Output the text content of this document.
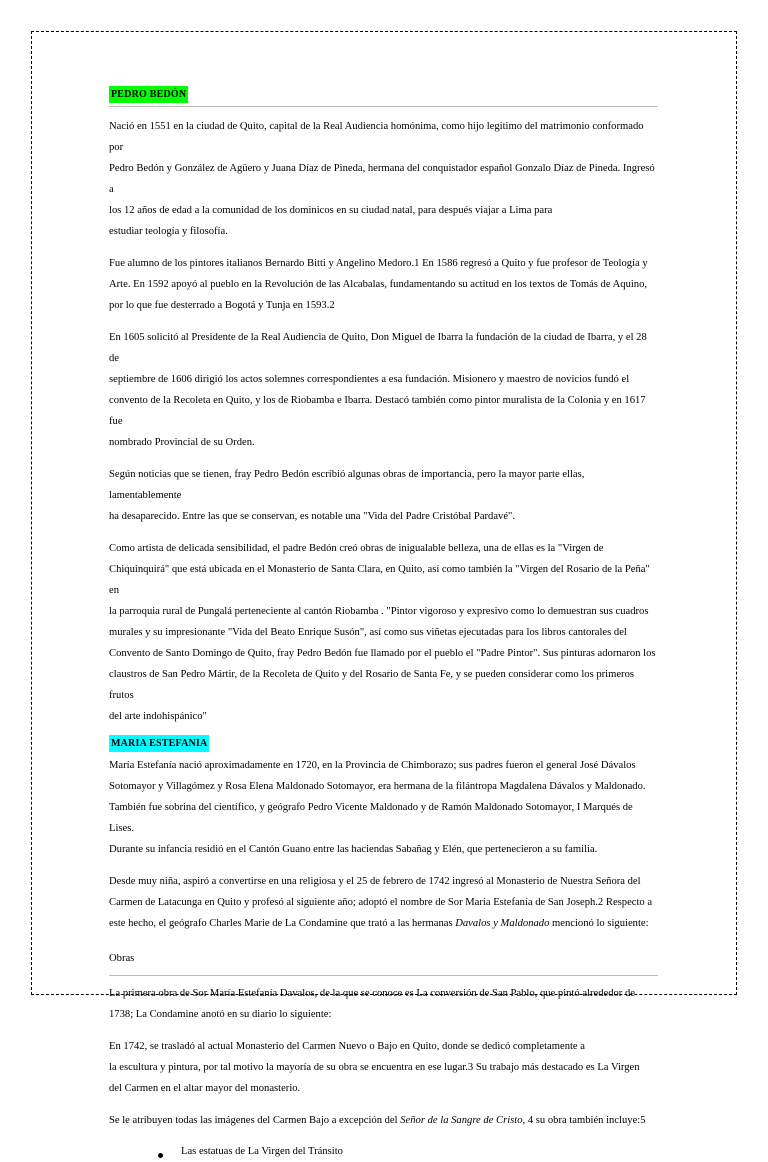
PEDRO BEDÓN

Nació en 1551 en la ciudad de Quito, capital de la Real Audiencia homónima, como hijo legítimo del matrimonio conformado por
Pedro Bedón y González de Agüero y Juana Díaz de Pineda, hermana del conquistador español Gonzalo Díaz de Pineda. Ingresó a
los 12 años de edad a la comunidad de los dominicos en su ciudad natal, para después viajar a Lima para
estudiar teología y filosofía.

Fue alumno de los pintores italianos Bernardo Bitti y Angelino Medoro.1 En 1586 regresó a Quito y fue profesor de Teología y
Arte. En 1592 apoyó al pueblo en la Revolución de las Alcabalas, fundamentando su actitud en los textos de Tomás de Aquino,
por lo que fue desterrado a Bogotá y Tunja en 1593.2

En 1605 solicitó al Presidente de la Real Audiencia de Quito, Don Miguel de Ibarra la fundación de la ciudad de Ibarra, y el 28 de
septiembre de 1606 dirigió los actos solemnes correspondientes a esa fundación. Misionero y maestro de novicios fundó el
convento de la Recoleta en Quito, y los de Riobamba e Ibarra. Destacó también como pintor muralista de la Colonia y en 1617 fue
nombrado Provincial de su Orden.

Según noticias que se tienen, fray Pedro Bedón escribió algunas obras de importancia, pero la mayor parte ellas, lamentablemente
ha desaparecido. Entre las que se conservan, es notable una "Vida del Padre Cristóbal Pardavé".

Como artista de delicada sensibilidad, el padre Bedón creó obras de inigualable belleza, una de ellas es la "Virgen de
Chiquinquirá" que está ubicada en el Monasterio de Santa Clara, en Quito, así como también la "Virgen del Rosario de la Peña" en
la parroquia rural de Pungalá perteneciente al cantón Riobamba . "Pintor vigoroso y expresivo como lo demuestran sus cuadros
murales y su impresionante "Vida del Beato Enrique Susón", así como sus viñetas ejecutadas para los libros cantorales del
Convento de Santo Domingo de Quito, fray Pedro Bedón fue llamado por el pueblo el "Padre Pintor". Sus pinturas adornaron los
claustros de San Pedro Mártir, de la Recoleta de Quito y del Rosario de Santa Fe, y se pueden considerar como los primeros frutos
del arte indohispánico"

MARIA ESTEFANIA

María Estefanía nació aproximadamente en 1720, en la Provincia de Chimborazo; sus padres fueron el general José Dávalos
Sotomayor y Villagómez y Rosa Elena Maldonado Sotomayor, era hermana de la filántropa Magdalena Dávalos y Maldonado.
También fue sobrina del científico, y geógrafo Pedro Vicente Maldonado y de Ramón Maldonado Sotomayor, I Marqués de Lises.
Durante su infancia residió en el Cantón Guano entre las haciendas Sabañag y Elén, que pertenecieron a su familia.

Desde muy niña, aspiró a convertirse en una religiosa y el 25 de febrero de 1742 ingresó al Monasterio de Nuestra Señora del
Carmen de Latacunga en Quito y profesó al siguiente año; adoptó el nombre de Sor María Estefanía de San Joseph.2 Respecto a
este hecho, el geógrafo Charles Marie de La Condamine que trató a las hermanas Davalos y Maldonado mencionó lo siguiente:

Obras

La primera obra de Sor María Estefanía Davalos, de la que se conoce es La conversión de San Pablo, que pintó alrededor de
1738; La Condamine anotó en su diario lo siguiente:

En 1742, se trasladó al actual Monasterio del Carmen Nuevo o Bajo en Quito, donde se dedicó completamente a
la escultura y pintura, por tal motivo la mayoría de su obra se encuentra en ese lugar.3 Su trabajo más destacado es La Virgen
del Carmen en el altar mayor del monasterio.

Se le atribuyen todas las imágenes del Carmen Bajo a excepción del Señor de la Sangre de Cristo, 4 su obra también incluye:5

Las estatuas de La Virgen del Tránsito
